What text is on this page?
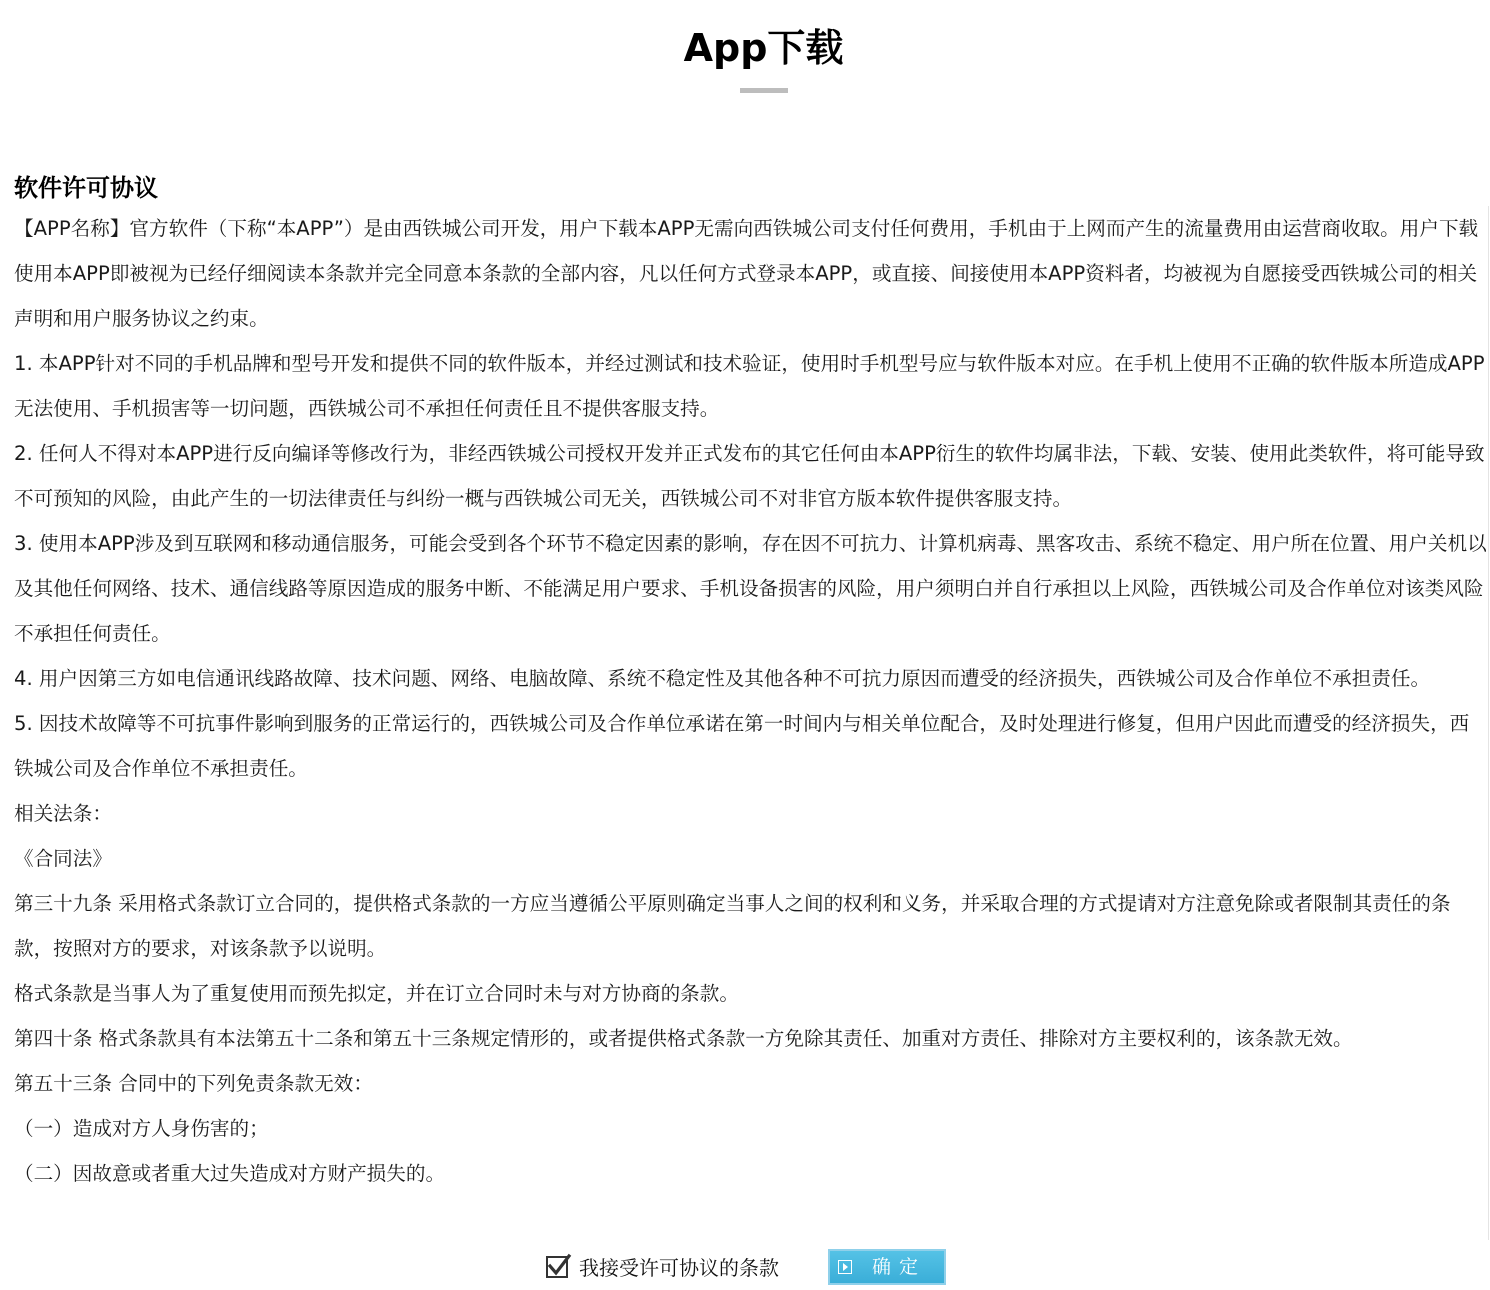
App下载
软件许可协议

【APP名称】官方软件（下称“本APP”）是由西铁城公司开发，用户下载本APP无需向西铁城公司支付任何费用，手机由于上网而产生的流量费用由运营商收取。用户下载使用本APP即被视为已经仔细阅读本条款并完全同意本条款的全部内容，凡以任何方式登录本APP，或直接、间接使用本APP资料者，均被视为自愿接受西铁城公司的相关声明和用户服务协议之约束。

1. 本APP针对不同的手机品牌和型号开发和提供不同的软件版本，并经过测试和技术验证，使用时手机型号应与软件版本对应。在手机上使用不正确的软件版本所造成APP无法使用、手机损害等一切问题，西铁城公司不承担任何责任且不提供客服支持。

2. 任何人不得对本APP进行反向编译等修改行为，非经西铁城公司授权开发并正式发布的其它任何由本APP衍生的软件均属非法，下载、安装、使用此类软件，将可能导致不可预知的风险，由此产生的一切法律责任与纠纷一概与西铁城公司无关，西铁城公司不对非官方版本软件提供客服支持。

3. 使用本APP涉及到互联网和移动通信服务，可能会受到各个环节不稳定因素的影响，存在因不可抗力、计算机病毒、黑客攻击、系统不稳定、用户所在位置、用户关机以及其他任何网络、技术、通信线路等原因造成的服务中断、不能满足用户要求、手机设备损害的风险，用户须明白并自行承担以上风险，西铁城公司及合作单位对该类风险不承担任何责任。

4. 用户因第三方如电信通讯线路故障、技术问题、网络、电脑故障、系统不稳定性及其他各种不可抗力原因而遭受的经济损失，西铁城公司及合作单位不承担责任。

5. 因技术故障等不可抗事件影响到服务的正常运行的，西铁城公司及合作单位承诺在第一时间内与相关单位配合，及时处理进行修复，但用户因此而遭受的经济损失，西铁城公司及合作单位不承担责任。

相关法条：

《合同法》

第三十九条 采用格式条款订立合同的，提供格式条款的一方应当遵循公平原则确定当事人之间的权利和义务，并采取合理的方式提请对方注意免除或者限制其责任的条款，按照对方的要求，对该条款予以说明。

格式条款是当事人为了重复使用而预先拟定，并在订立合同时未与对方协商的条款。

第四十条 格式条款具有本法第五十二条和第五十三条规定情形的，或者提供格式条款一方免除其责任、加重对方责任、排除对方主要权利的，该条款无效。

第五十三条 合同中的下列免责条款无效：

（一）造成对方人身伤害的；

（二）因故意或者重大过失造成对方财产损失的。

我接受许可协议的条款	确定
